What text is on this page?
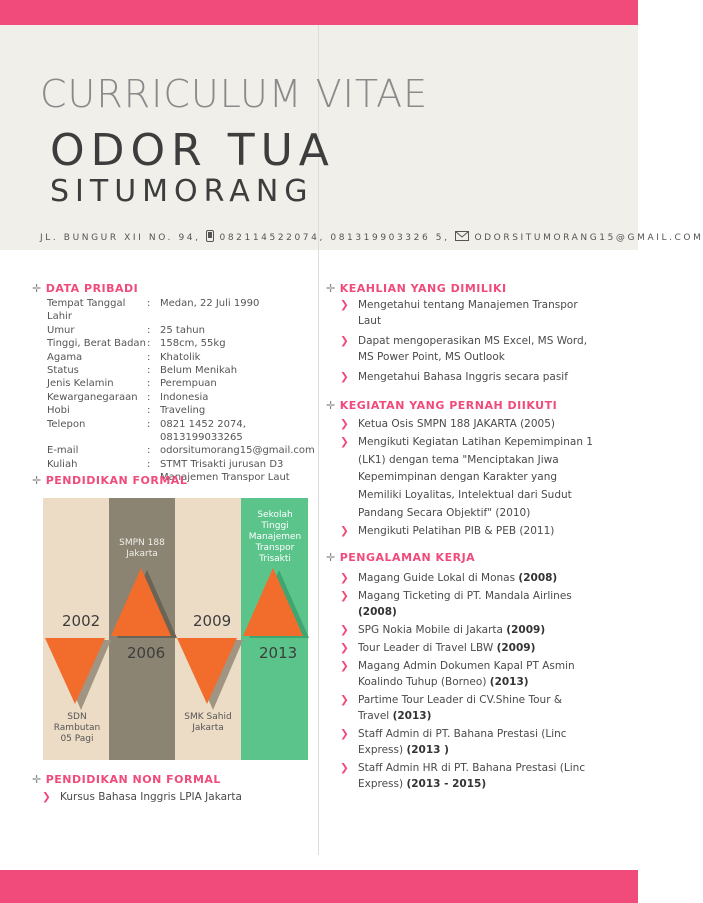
CURRICULUM VITAE
ODOR TUA
SITUMORANG
JL. BUNGUR XII NO. 94, 082114522074, 081319903326 5,	ODORSITUMORANG15@GMAIL.COM
✛ DATA PRIBADI
Tempat Tanggal Lahir
: Medan, 22 Juli 1990
Umur	: 25 tahun
Tinggi, Berat Badan : 158cm, 55kg
Agama	: Khatolik
Status	: Belum Menikah
Jenis Kelamin	: Perempuan
Kewarganegaraan : Indonesia
Hobi	: Traveling
Telepon	: 0821 1452 2074, 0813199033265
E-mail	: odorsitumorang15@gmail.com
Kuliah	: STMT Trisakti jurusan D3
Manajemen Transpor Laut
✛ PENDIDIKAN FORMAL
SDN Rambutan 05 Pagi
SMPN 188 Jakarta
SMK Sahid Jakarta
Sekolah Tinggi Manajemen Transpor Trisakti
2002
2006
2009
2013
✛ PENDIDIKAN NON FORMAL
❯ Kursus Bahasa Inggris LPIA Jakarta
✛ KEAHLIAN YANG DIMILIKI
❯ Mengetahui tentang Manajemen Transpor Laut
❯ Dapat mengoperasikan MS Excel, MS Word, MS Power Point, MS Outlook
❯ Mengetahui Bahasa Inggris secara pasif
✛ KEGIATAN YANG PERNAH DIIKUTI
❯ Ketua Osis SMPN 188 JAKARTA (2005)
❯ Mengikuti Kegiatan Latihan Kepemimpinan 1 (LK1) dengan tema "Menciptakan Jiwa Kepemimpinan dengan Karakter yang Memiliki Loyalitas, Intelektual dari Sudut Pandang Secara Objektif" (2010)
❯ Mengikuti Pelatihan PIB & PEB (2011)
✛ PENGALAMAN KERJA
❯ Magang Guide Lokal di Monas (2008)
❯ Magang Ticketing di PT. Mandala Airlines (2008)
❯ SPG Nokia Mobile di Jakarta (2009)
❯ Tour Leader di Travel LBW (2009)
❯ Magang Admin Dokumen Kapal PT Asmin Koalindo Tuhup (Borneo) (2013)
❯ Partime Tour Leader di CV.Shine Tour & Travel (2013)
❯ Staff Admin di PT. Bahana Prestasi (Linc Express) (2013 )
❯ Staff Admin HR di PT. Bahana Prestasi (Linc Express) (2013 - 2015)
